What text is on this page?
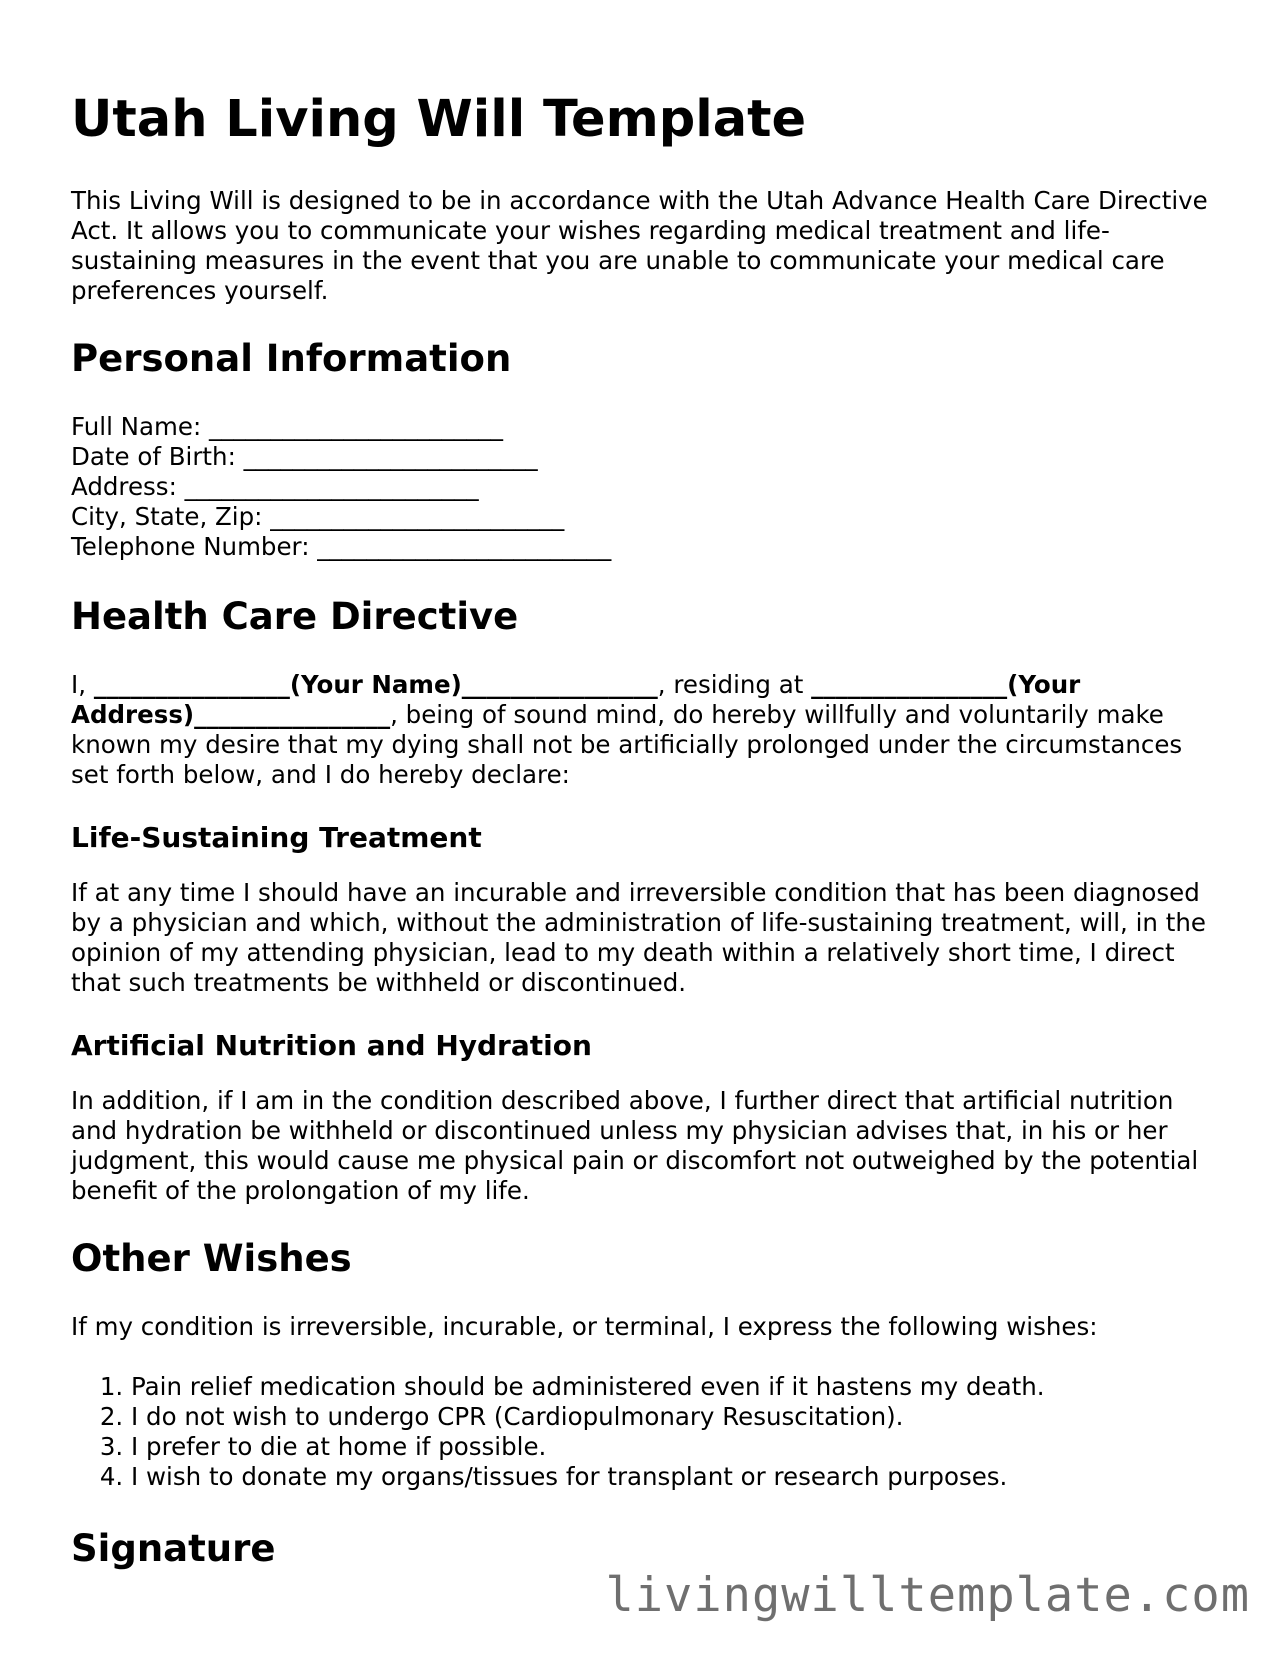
Utah Living Will Template

This Living Will is designed to be in accordance with the Utah Advance Health Care Directive Act. It allows you to communicate your wishes regarding medical treatment and life-sustaining measures in the event that you are unable to communicate your medical care preferences yourself.

Personal Information
Full Name: ________________________
Date of Birth: ________________________
Address: ________________________
City, State, Zip: ________________________
Telephone Number: ________________________
Health Care Directive

I, ________________(Your Name)________________, residing at ________________(Your Address)________________, being of sound mind, do hereby willfully and voluntarily make known my desire that my dying shall not be artificially prolonged under the circumstances set forth below, and I do hereby declare:

Life-Sustaining Treatment

If at any time I should have an incurable and irreversible condition that has been diagnosed by a physician and which, without the administration of life-sustaining treatment, will, in the opinion of my attending physician, lead to my death within a relatively short time, I direct that such treatments be withheld or discontinued.

Artificial Nutrition and Hydration

In addition, if I am in the condition described above, I further direct that artificial nutrition and hydration be withheld or discontinued unless my physician advises that, in his or her judgment, this would cause me physical pain or discomfort not outweighed by the potential benefit of the prolongation of my life.

Other Wishes

If my condition is irreversible, incurable, or terminal, I express the following wishes:

1. Pain relief medication should be administered even if it hastens my death.
2. I do not wish to undergo CPR (Cardiopulmonary Resuscitation).
3. I prefer to die at home if possible.
4. I wish to donate my organs/tissues for transplant or research purposes.
Signature
livingwilltemplate.com
